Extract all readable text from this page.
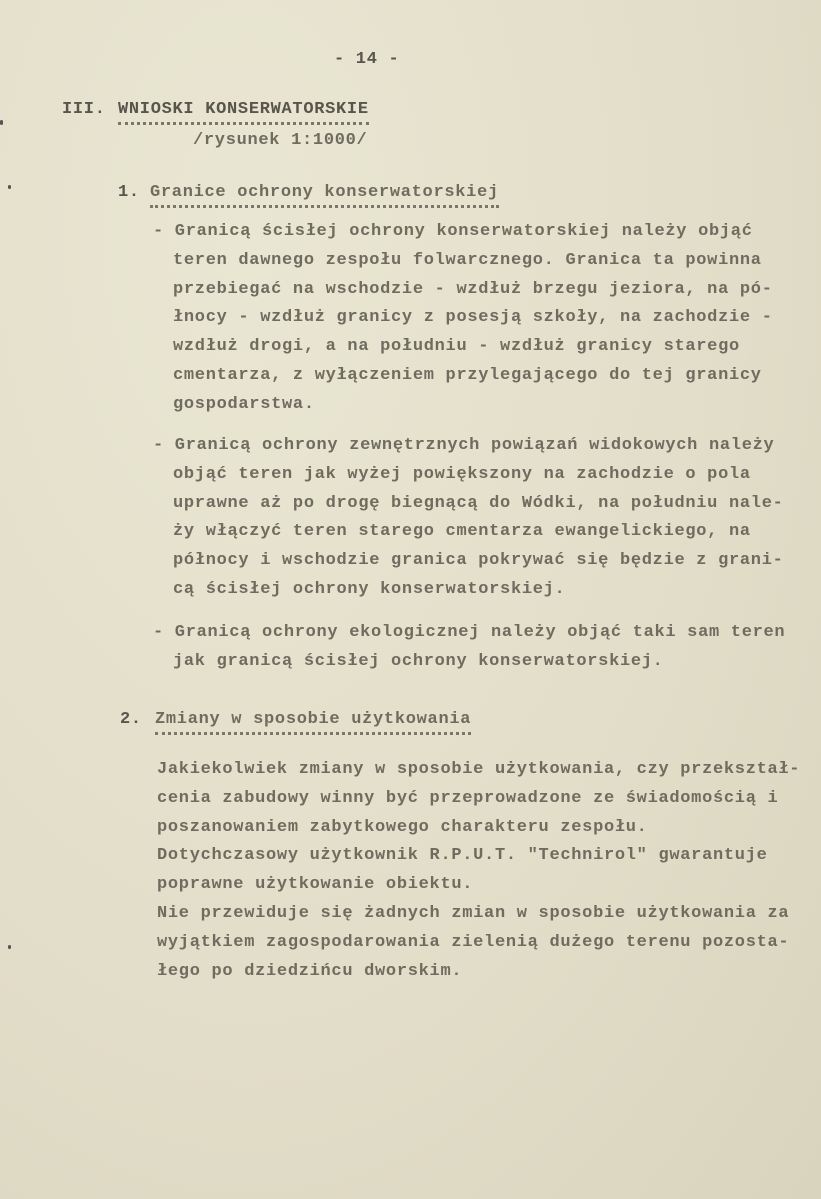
- 14 -
III. WNIOSKI KONSERWATORSKIE
/rysunek 1:1000/
1. Granice ochrony konserwatorskiej
- Granicą ścisłej ochrony konserwatorskiej należy objąć
teren dawnego zespołu folwarcznego. Granica ta powinna
przebiegać na wschodzie - wzdłuż brzegu jeziora, na pó-
łnocy - wzdłuż granicy z posesją szkoły, na zachodzie -
wzdłuż drogi, a na południu - wzdłuż granicy starego
cmentarza, z wyłączeniem przylegającego do tej granicy
gospodarstwa.
- Granicą ochrony zewnętrznych powiązań widokowych należy
objąć teren jak wyżej powiększony na zachodzie o pola
uprawne aż po drogę biegnącą do Wódki, na południu nale-
ży włączyć teren starego cmentarza ewangelickiego, na
północy i wschodzie granica pokrywać się będzie z grani-
cą ścisłej ochrony konserwatorskiej.
- Granicą ochrony ekologicznej należy objąć taki sam teren
jak granicą ścisłej ochrony konserwatorskiej.
2. Zmiany w sposobie użytkowania
Jakiekolwiek zmiany w sposobie użytkowania, czy przekształ-
cenia zabudowy winny być przeprowadzone ze świadomością i
poszanowaniem zabytkowego charakteru zespołu.
Dotychczasowy użytkownik R.P.U.T. "Technirol" gwarantuje
poprawne użytkowanie obiektu.
Nie przewiduje się żadnych zmian w sposobie użytkowania za
wyjątkiem zagospodarowania zielenią dużego terenu pozosta-
łego po dziedzińcu dworskim.
